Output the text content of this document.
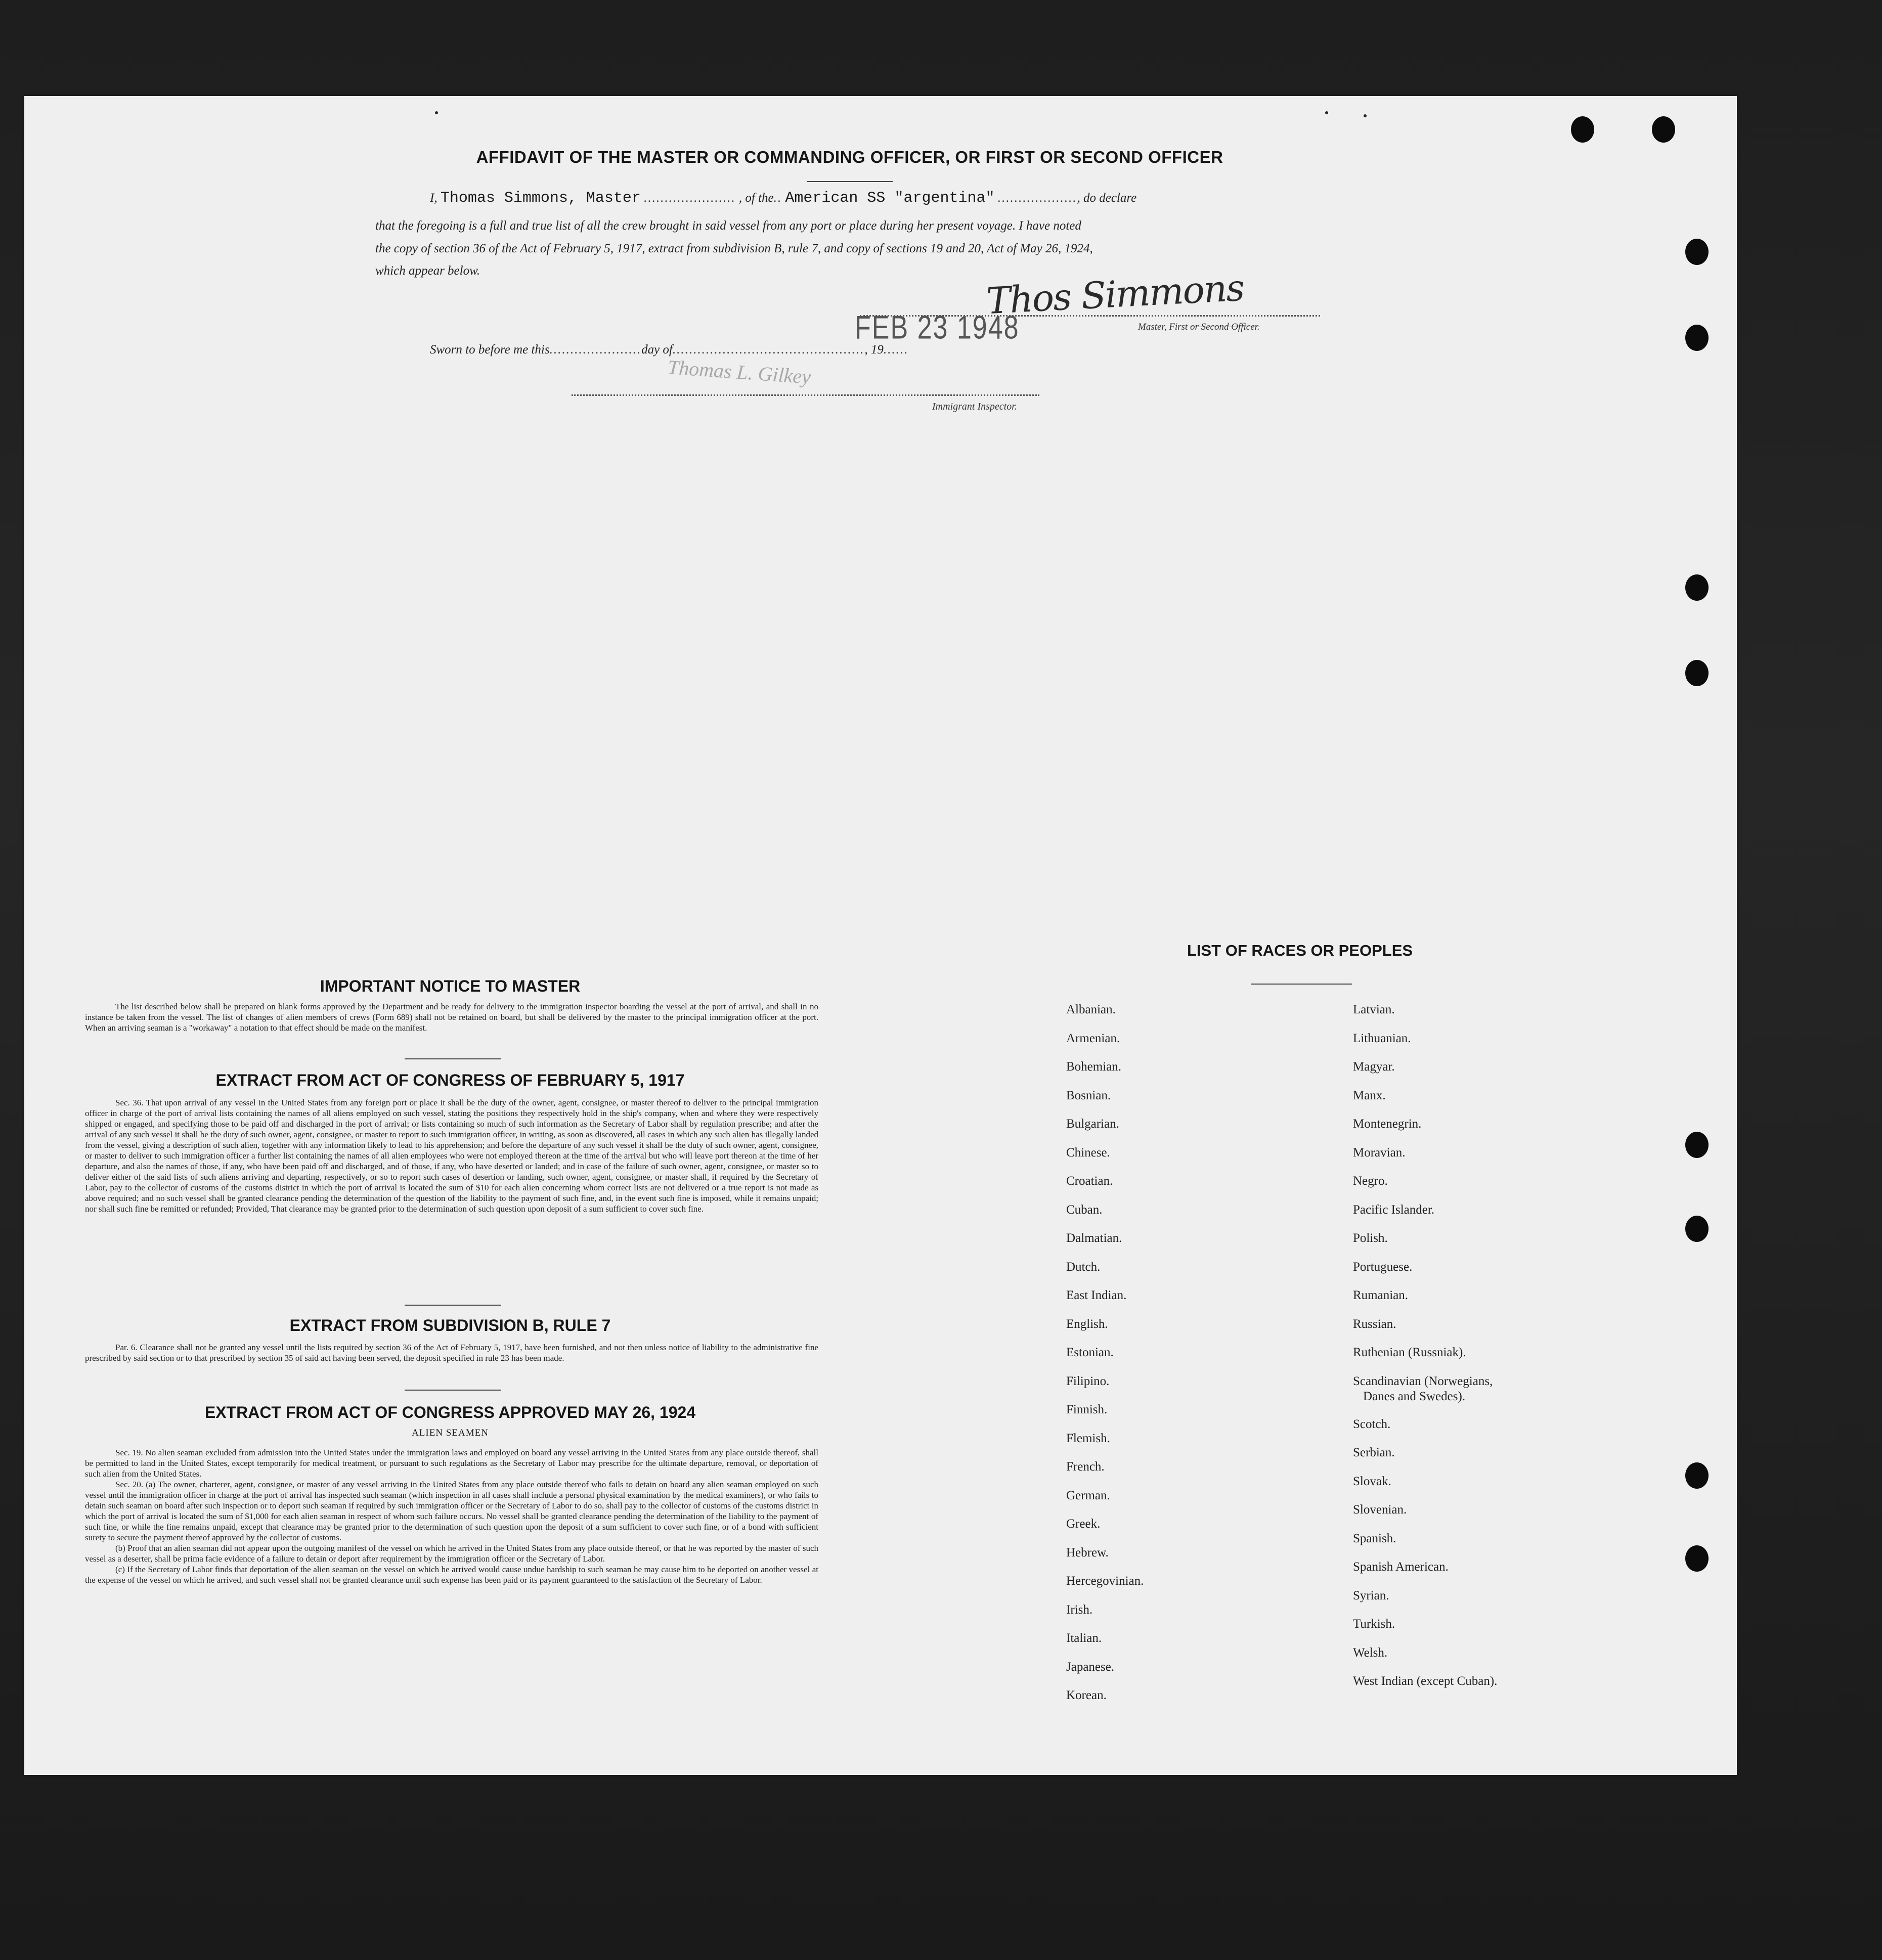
AFFIDAVIT OF THE MASTER OR COMMANDING OFFICER, OR FIRST OR SECOND OFFICER
I, Thomas Simmons, Master ...................... , of the.. American SS "argentina" ..................., do declare
that the foregoing is a full and true list of all the crew brought in said vessel from any port or place during her present voyage. I have noted
the copy of section 36 of the Act of February 5, 1917, extract from subdivision B, rule 7, and copy of sections 19 and 20, Act of May 26, 1924,
which appear below.	Thos Simmons
Master, First or Second Officer.
FEB 23 1948
Sworn to before me this......................day of.............................................., 19......
Thomas L. Gilkey
Immigrant Inspector.
IMPORTANT NOTICE TO MASTER

The list described below shall be prepared on blank forms approved by the Department and be ready for delivery to the immigration inspector boarding the vessel at the port of arrival, and shall in no instance be taken from the vessel. The list of changes of alien members of crews (Form 689) shall not be retained on board, but shall be delivered by the master to the principal immigration officer at the port. When an arriving seaman is a "workaway" a notation to that effect should be made on the manifest.

EXTRACT FROM ACT OF CONGRESS OF FEBRUARY 5, 1917

Sec. 36. That upon arrival of any vessel in the United States from any foreign port or place it shall be the duty of the owner, agent, consignee, or master thereof to deliver to the principal immigration officer in charge of the port of arrival lists containing the names of all aliens employed on such vessel, stating the positions they respectively hold in the ship's company, when and where they were respectively shipped or engaged, and specifying those to be paid off and discharged in the port of arrival; or lists containing so much of such information as the Secretary of Labor shall by regulation prescribe; and after the arrival of any such vessel it shall be the duty of such owner, agent, consignee, or master to report to such immigration officer, in writing, as soon as discovered, all cases in which any such alien has illegally landed from the vessel, giving a description of such alien, together with any information likely to lead to his apprehension; and before the departure of any such vessel it shall be the duty of such owner, agent, consignee, or master to deliver to such immigration officer a further list containing the names of all alien employees who were not employed thereon at the time of the arrival but who will leave port thereon at the time of her departure, and also the names of those, if any, who have been paid off and discharged, and of those, if any, who have deserted or landed; and in case of the failure of such owner, agent, consignee, or master so to deliver either of the said lists of such aliens arriving and departing, respectively, or so to report such cases of desertion or landing, such owner, agent, consignee, or master shall, if required by the Secretary of Labor, pay to the collector of customs of the customs district in which the port of arrival is located the sum of $10 for each alien concerning whom correct lists are not delivered or a true report is not made as above required; and no such vessel shall be granted clearance pending the determination of the question of the liability to the payment of such fine, and, in the event such fine is imposed, while it remains unpaid; nor shall such fine be remitted or refunded; Provided, That clearance may be granted prior to the determination of such question upon deposit of a sum sufficient to cover such fine.

EXTRACT FROM SUBDIVISION B, RULE 7

Par. 6. Clearance shall not be granted any vessel until the lists required by section 36 of the Act of February 5, 1917, have been furnished, and not then unless notice of liability to the administrative fine prescribed by said section or to that prescribed by section 35 of said act having been served, the deposit specified in rule 23 has been made.

EXTRACT FROM ACT OF CONGRESS APPROVED MAY 26, 1924
ALIEN SEAMEN

Sec. 19. No alien seaman excluded from admission into the United States under the immigration laws and employed on board any vessel arriving in the United States from any place outside thereof, shall be permitted to land in the United States, except temporarily for medical treatment, or pursuant to such regulations as the Secretary of Labor may prescribe for the ultimate departure, removal, or deportation of such alien from the United States.

Sec. 20. (a) The owner, charterer, agent, consignee, or master of any vessel arriving in the United States from any place outside thereof who fails to detain on board any alien seaman employed on such vessel until the immigration officer in charge at the port of arrival has inspected such seaman (which inspection in all cases shall include a personal physical examination by the medical examiners), or who fails to detain such seaman on board after such inspection or to deport such seaman if required by such immigration officer or the Secretary of Labor to do so, shall pay to the collector of customs of the customs district in which the port of arrival is located the sum of $1,000 for each alien seaman in respect of whom such failure occurs. No vessel shall be granted clearance pending the determination of the liability to the payment of such fine, or while the fine remains unpaid, except that clearance may be granted prior to the determination of such question upon the deposit of a sum sufficient to cover such fine, or of a bond with sufficient surety to secure the payment thereof approved by the collector of customs.

(b) Proof that an alien seaman did not appear upon the outgoing manifest of the vessel on which he arrived in the United States from any place outside thereof, or that he was reported by the master of such vessel as a deserter, shall be prima facie evidence of a failure to detain or deport after requirement by the immigration officer or the Secretary of Labor.

(c) If the Secretary of Labor finds that deportation of the alien seaman on the vessel on which he arrived would cause undue hardship to such seaman he may cause him to be deported on another vessel at the expense of the vessel on which he arrived, and such vessel shall not be granted clearance until such expense has been paid or its payment guaranteed to the satisfaction of the Secretary of Labor.

LIST OF RACES OR PEOPLES
Albanian.
Armenian.
Bohemian.
Bosnian.
Bulgarian.
Chinese.
Croatian.
Cuban.
Dalmatian.
Dutch.
East Indian.
English.
Estonian.
Filipino.
Finnish.
Flemish.
French.
German.
Greek.
Hebrew.
Hercegovinian.
Irish.
Italian.
Japanese.
Korean.
Latvian.
Lithuanian.
Magyar.
Manx.
Montenegrin.
Moravian.
Negro.
Pacific Islander.
Polish.
Portuguese.
Rumanian.
Russian.
Ruthenian (Russniak).
Scandinavian (Norwegians,
Danes and Swedes).
Scotch.
Serbian.
Slovak.
Slovenian.
Spanish.
Spanish American.
Syrian.
Turkish.
Welsh.
West Indian (except Cuban).
